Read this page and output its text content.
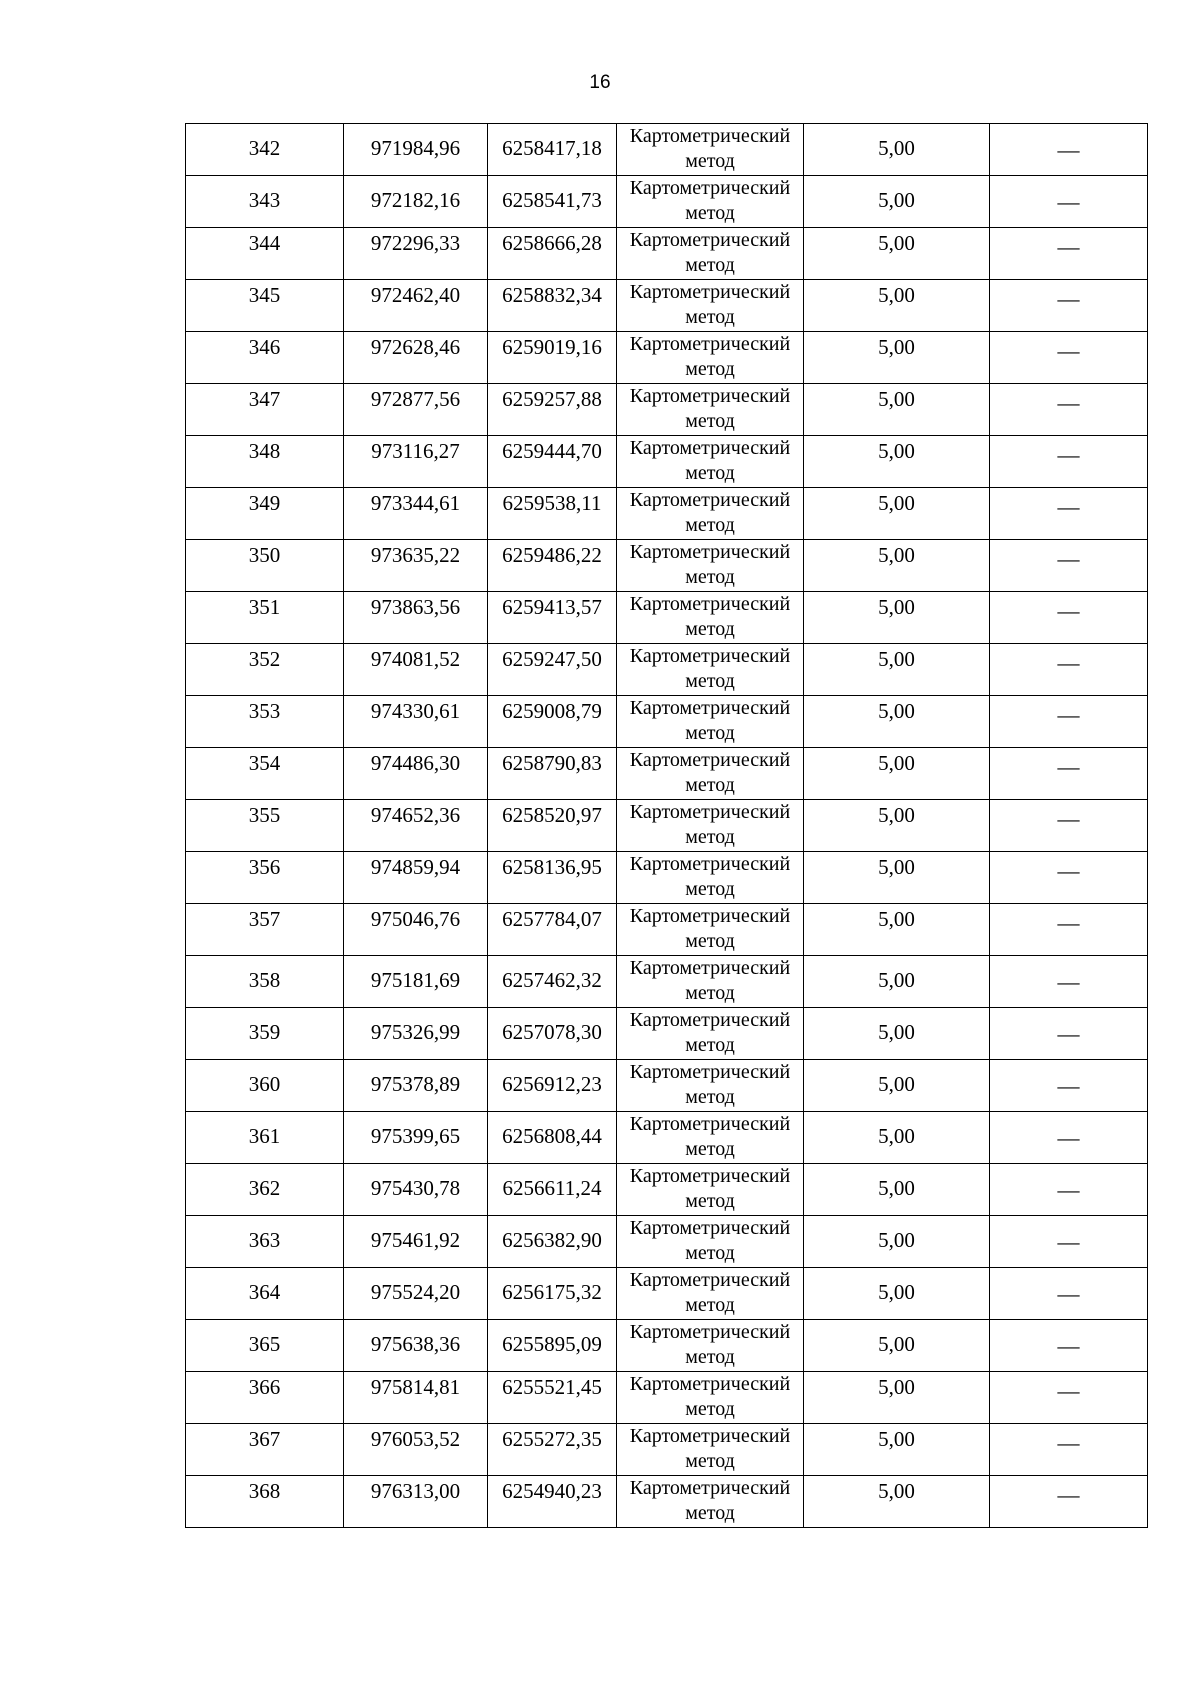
16
342	971984,96	6258417,18	Картометрический
метод	5,00	—

343	972182,16	6258541,73	Картометрический
метод	5,00	—

344	972296,33	6258666,28	Картометрический
метод	5,00	—

345	972462,40	6258832,34	Картометрический
метод	5,00	—

346	972628,46	6259019,16	Картометрический
метод	5,00	—

347	972877,56	6259257,88	Картометрический
метод	5,00	—

348	973116,27	6259444,70	Картометрический
метод	5,00	—

349	973344,61	6259538,11	Картометрический
метод	5,00	—

350	973635,22	6259486,22	Картометрический
метод	5,00	—

351	973863,56	6259413,57	Картометрический
метод	5,00	—

352	974081,52	6259247,50	Картометрический
метод	5,00	—

353	974330,61	6259008,79	Картометрический
метод	5,00	—

354	974486,30	6258790,83	Картометрический
метод	5,00	—

355	974652,36	6258520,97	Картометрический
метод	5,00	—

356	974859,94	6258136,95	Картометрический
метод	5,00	—

357	975046,76	6257784,07	Картометрический
метод	5,00	—

358	975181,69	6257462,32	Картометрический
метод	5,00	—

359	975326,99	6257078,30	Картометрический
метод	5,00	—

360	975378,89	6256912,23	Картометрический
метод	5,00	—

361	975399,65	6256808,44	Картометрический
метод	5,00	—

362	975430,78	6256611,24	Картометрический
метод	5,00	—

363	975461,92	6256382,90	Картометрический
метод	5,00	—

364	975524,20	6256175,32	Картометрический
метод	5,00	—

365	975638,36	6255895,09	Картометрический
метод	5,00	—

366	975814,81	6255521,45	Картометрический
метод	5,00	—

367	976053,52	6255272,35	Картометрический
метод	5,00	—

368	976313,00	6254940,23	Картометрический
метод	5,00	—
